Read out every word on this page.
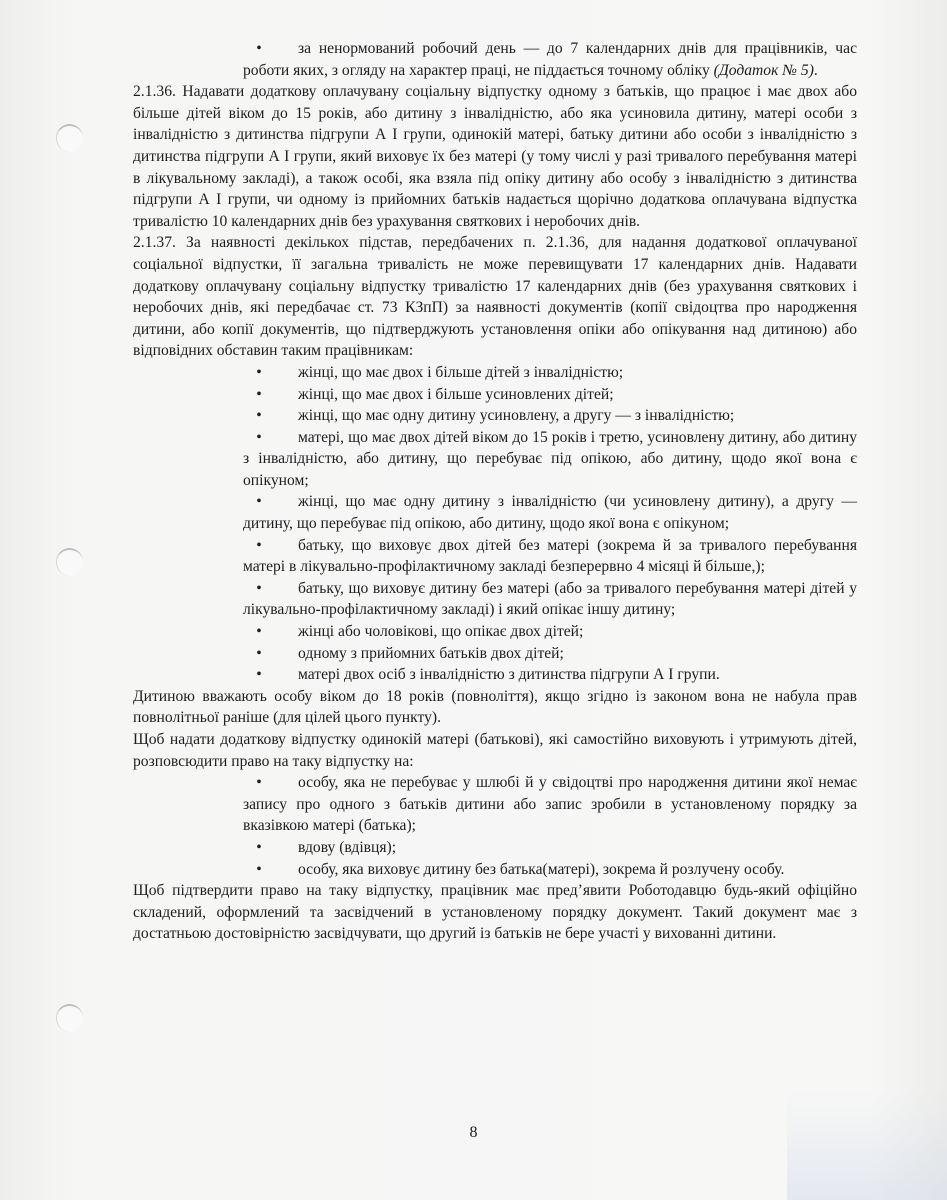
•	за ненормований робочий день — до 7 календарних днів для працівників, час роботи яких, з огляду на характер праці, не піддається точному обліку (Додаток № 5).

2.1.36. Надавати додаткову оплачувану соціальну відпустку одному з батьків, що працює і має двох або більше дітей віком до 15 років, або дитину з інвалідністю, або яка усиновила дитину, матері особи з інвалідністю з дитинства підгрупи А І групи, одинокій матері, батьку дитини або особи з інвалідністю з дитинства підгрупи А І групи, який виховує їх без матері (у тому числі у разі тривалого перебування матері в лікувальному закладі), а також особі, яка взяла під опіку дитину або особу з інвалідністю з дитинства підгрупи А І групи, чи одному із прийомних батьків надається щорічно додаткова оплачувана відпустка тривалістю 10 календарних днів без урахування святкових і неробочих днів.

2.1.37. За наявності декількох підстав, передбачених п. 2.1.36, для надання додаткової оплачуваної соціальної відпустки, її загальна тривалість не може перевищувати 17 календарних днів. Надавати додаткову оплачувану соціальну відпустку тривалістю 17 календарних днів (без урахування святкових і неробочих днів, які передбачає ст. 73 КЗпП) за наявності документів (копії свідоцтва про народження дитини, або копії документів, що підтверджують установлення опіки або опікування над дитиною) або відповідних обставин таким працівникам:

•	жінці, що має двох і більше дітей з інвалідністю;
•	жінці, що має двох і більше усиновлених дітей;
•	жінці, що має одну дитину усиновлену, а другу — з інвалідністю;
•	матері, що має двох дітей віком до 15 років і третю, усиновлену дитину, або дитину з інвалідністю, або дитину, що перебуває під опікою, або дитину, щодо якої вона є опікуном;
•	жінці, що має одну дитину з інвалідністю (чи усиновлену дитину), а другу — дитину, що перебуває під опікою, або дитину, щодо якої вона є опікуном;
•	батьку, що виховує двох дітей без матері (зокрема й за тривалого перебування матері в лікувально-профілактичному закладі безперервно 4 місяці й більше,);
•	батьку, що виховує дитину без матері (або за тривалого перебування матері дітей у лікувально-профілактичному закладі) і який опікає іншу дитину;
•	жінці або чоловікові, що опікає двох дітей;
•	одному з прийомних батьків двох дітей;
•	матері двох осіб з інвалідністю з дитинства підгрупи А І групи.

Дитиною вважають особу віком до 18 років (повноліття), якщо згідно із законом вона не набула прав повнолітньої раніше (для цілей цього пункту).

Щоб надати додаткову відпустку одинокій матері (батькові), які самостійно виховують і утримують дітей, розповсюдити право на таку відпустку на:

•	особу, яка не перебуває у шлюбі й у свідоцтві про народження дитини якої немає запису про одного з батьків дитини або запис зробили в установленому порядку за вказівкою матері (батька);
•	вдову (вдівця);
•	особу, яка виховує дитину без батька(матері), зокрема й розлучену особу.

Щоб підтвердити право на таку відпустку, працівник має пред’явити Роботодавцю будь-який офіційно складений, оформлений та засвідчений в установленому порядку документ. Такий документ має з достатньою достовірністю засвідчувати, що другий із батьків не бере участі у вихованні дитини.

8
